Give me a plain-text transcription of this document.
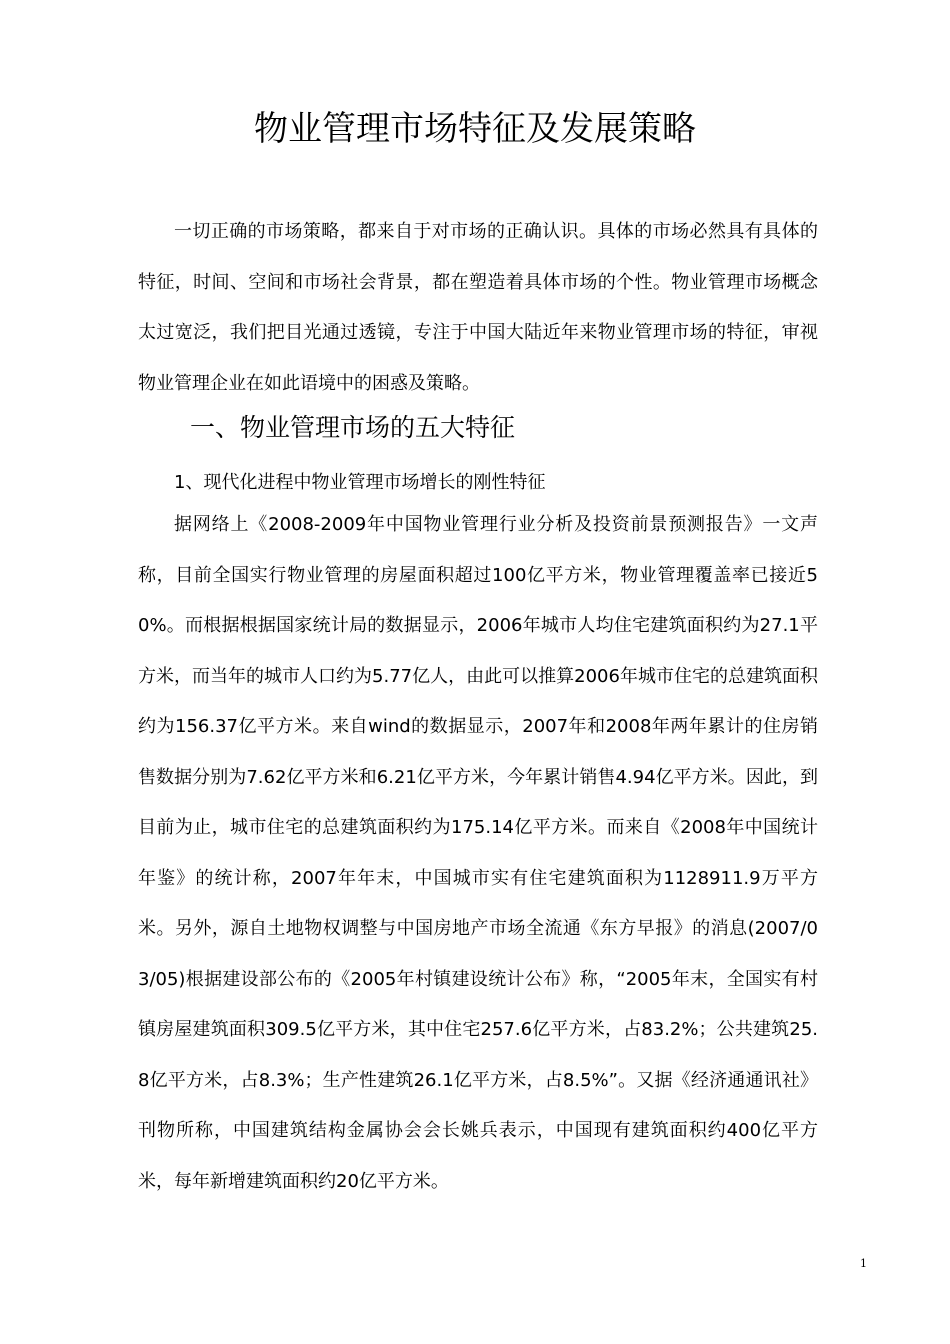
物业管理市场特征及发展策略

一切正确的市场策略，都来自于对市场的正确认识。具体的市场必然具有具体的特征，时间、空间和市场社会背景，都在塑造着具体市场的个性。物业管理市场概念太过宽泛，我们把目光通过透镜，专注于中国大陆近年来物业管理市场的特征，审视物业管理企业在如此语境中的困惑及策略。

一、物业管理市场的五大特征

1、现代化进程中物业管理市场增长的刚性特征

据网络上《2008-2009年中国物业管理行业分析及投资前景预测报告》一文声称，目前全国实行物业管理的房屋面积超过100亿平方米，物业管理覆盖率已接近50%。而根据根据国家统计局的数据显示，2006年城市人均住宅建筑面积约为27.1平方米，而当年的城市人口约为5.77亿人，由此可以推算2006年城市住宅的总建筑面积约为156.37亿平方米。来自wind的数据显示，2007年和2008年两年累计的住房销售数据分别为7.62亿平方米和6.21亿平方米，今年累计销售4.94亿平方米。因此，到目前为止，城市住宅的总建筑面积约为175.14亿平方米。而来自《2008年中国统计年鉴》的统计称，2007年年末，中国城市实有住宅建筑面积为1128911.9万平方米。另外，源自土地物权调整与中国房地产市场全流通《东方早报》的消息(2007/03/05)根据建设部公布的《2005年村镇建设统计公布》称，“2005年末，全国实有村镇房屋建筑面积309.5亿平方米，其中住宅257.6亿平方米，占83.2%；公共建筑25.8亿平方米，占8.3%；生产性建筑26.1亿平方米，占8.5%”。又据《经济通通讯社》刊物所称，中国建筑结构金属协会会长姚兵表示，中国现有建筑面积约400亿平方米，每年新增建筑面积约20亿平方米。

1
